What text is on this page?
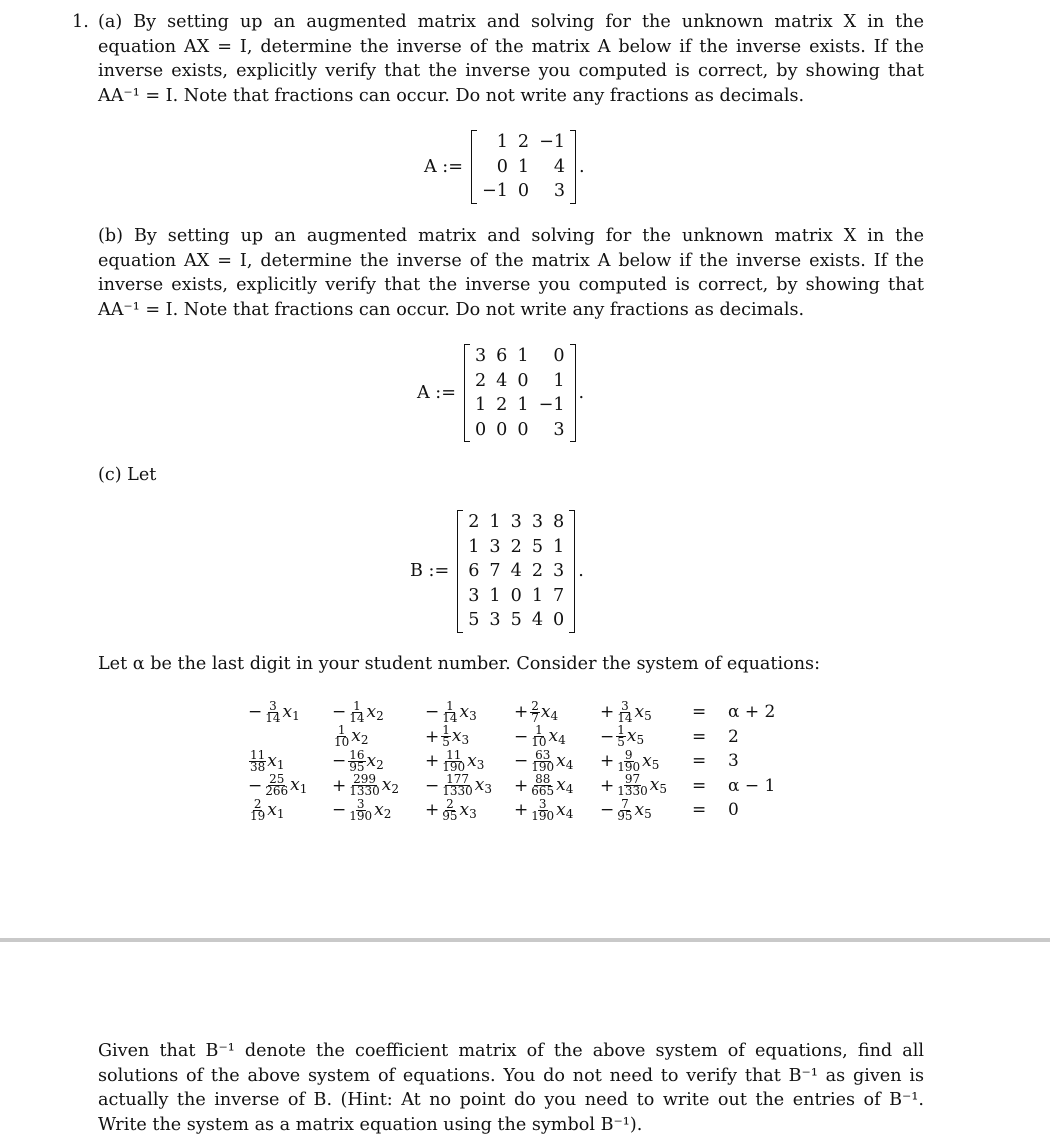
1. (a) By setting up an augmented matrix and solving for the unknown matrix X in the equation AX = I, determine the inverse of the matrix A below if the inverse exists. If the inverse exists, explicitly verify that the inverse you computed is correct, by showing that AA⁻¹ = I. Note that fractions can occur. Do not write any fractions as decimals.
A :=
1	2	−1
0	1	4
−1	0	3
.
(b) By setting up an augmented matrix and solving for the unknown matrix X in the equation AX = I, determine the inverse of the matrix A below if the inverse exists. If the inverse exists, explicitly verify that the inverse you computed is correct, by showing that AA⁻¹ = I. Note that fractions can occur. Do not write any fractions as decimals.
A :=
3	6	1	0
2	4	0	1
1	2	1	−1
0	0	0	3
.
(c) Let
B :=
2	1	3	3	8
1	3	2	5	1
6	7	4	2	3
3	1	0	1	7
5	3	5	4	0
.
Let α be the last digit in your student number. Consider the system of equations:
− $\frac{3}{14} x_1 - \frac{1}{14} x_2 - \frac{1}{14} x_3 + \frac{2}{7} x_4 + \frac{3}{14} x_5 = \alpha + 2$
$\frac{1}{10} x_2$	+ $\frac{1}{5} x_3$	− $\frac{1}{10} x_4 - \frac{1}{5} x_5$	= 2
$\frac{11}{38} x_1$	− $\frac{16}{95} x_2 + \frac{11}{190} x_3 - \frac{63}{190} x_4 + \frac{9}{190} x_5 = 3$
− $\frac{25}{266} x_1 + \frac{299}{1330} x_2 - \frac{177}{1330} x_3 + \frac{88}{665} x_4 + \frac{97}{1330} x_5 = \alpha - 1$
$\frac{2}{19} x_1$	− $\frac{3}{190} x_2 + \frac{2}{95} x_3 + \frac{3}{190} x_4 - \frac{7}{95} x_5 = 0$
Given that B⁻¹ denote the coefficient matrix of the above system of equations, find all solutions of the above system of equations. You do not need to verify that B⁻¹ as given is actually the inverse of B. (Hint: At no point do you need to write out the entries of B⁻¹. Write the system as a matrix equation using the symbol B⁻¹).
